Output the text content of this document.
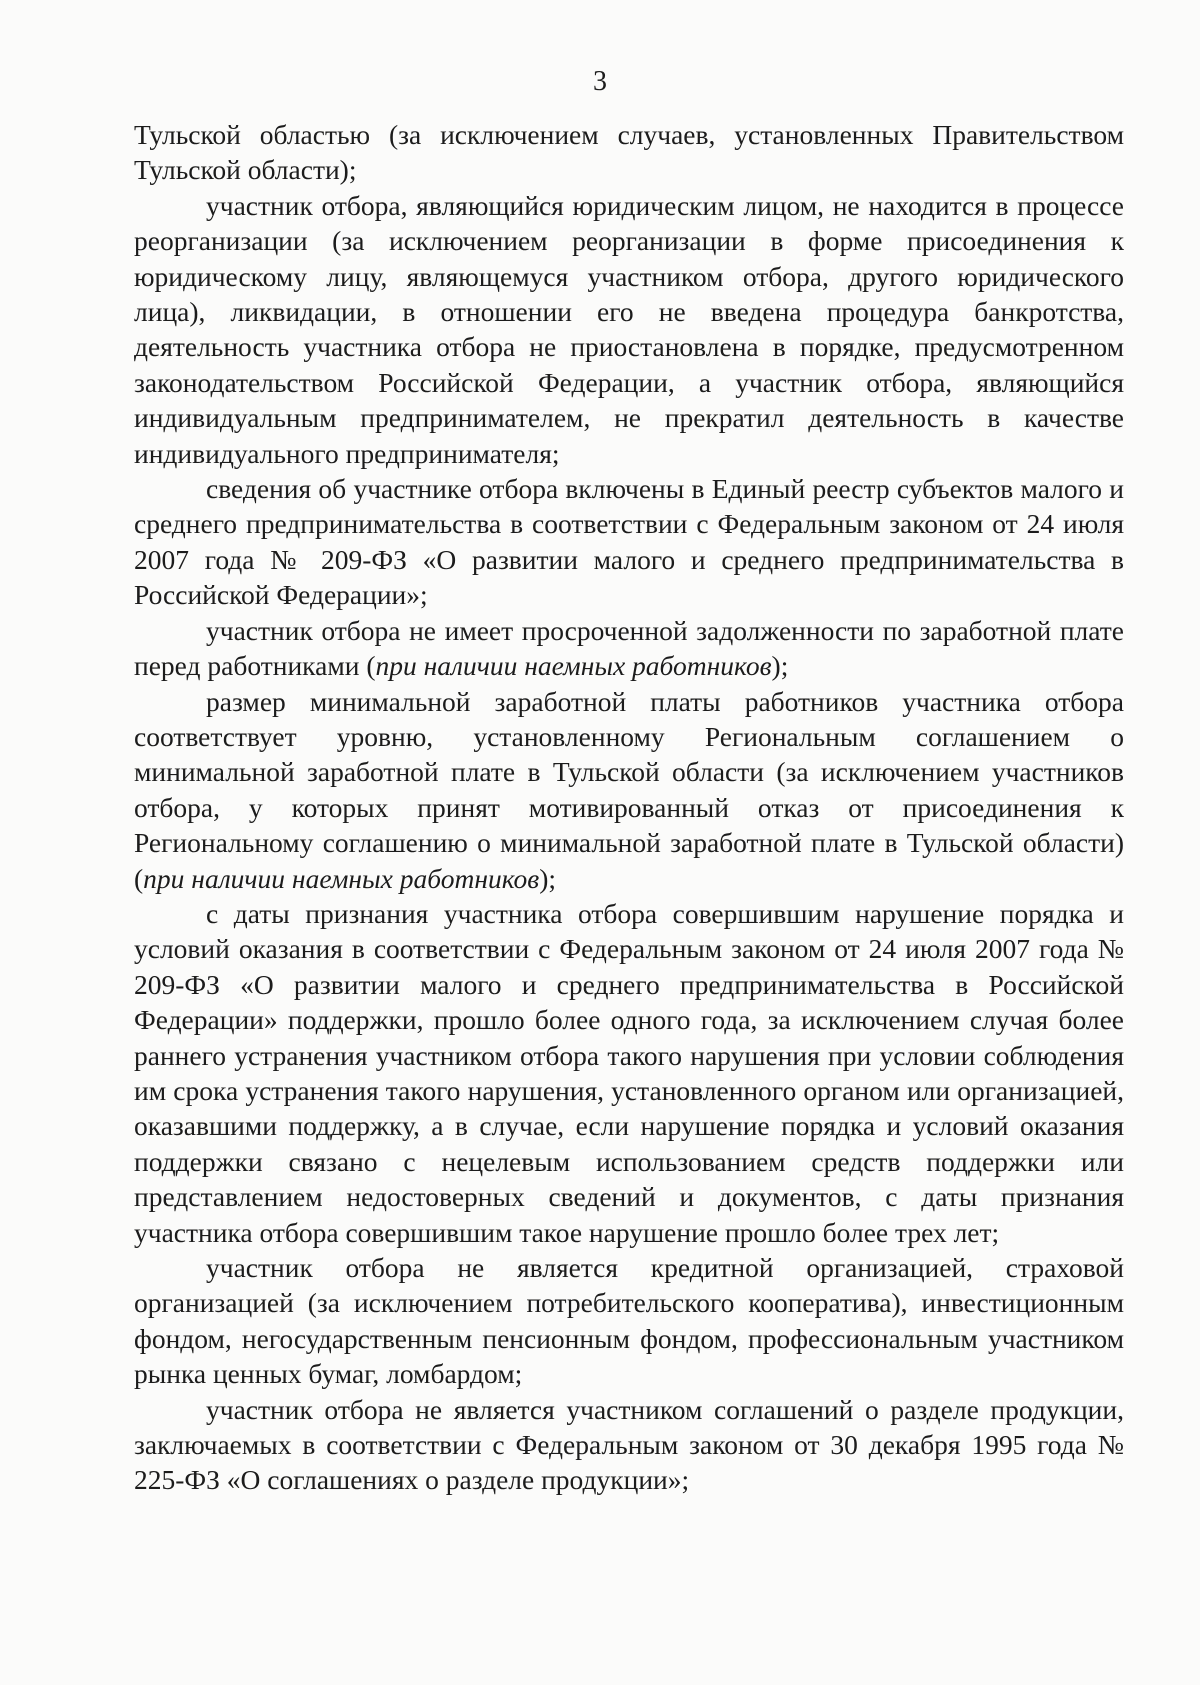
3

Тульской областью (за исключением случаев, установленных Правительством Тульской области);

участник отбора, являющийся юридическим лицом, не находится в процессе реорганизации (за исключением реорганизации в форме присоединения к юридическому лицу, являющемуся участником отбора, другого юридического лица), ликвидации, в отношении его не введена процедура банкротства, деятельность участника отбора не приостановлена в порядке, предусмотренном законодательством Российской Федерации, а участник отбора, являющийся индивидуальным предпринимателем, не прекратил деятельность в качестве индивидуального предпринимателя;

сведения об участнике отбора включены в Единый реестр субъектов малого и среднего предпринимательства в соответствии с Федеральным законом от 24 июля 2007 года № 209-ФЗ «О развитии малого и среднего предпринимательства в Российской Федерации»;

участник отбора не имеет просроченной задолженности по заработной плате перед работниками (при наличии наемных работников);

размер минимальной заработной платы работников участника отбора соответствует уровню, установленному Региональным соглашением о минимальной заработной плате в Тульской области (за исключением участников отбора, у которых принят мотивированный отказ от присоединения к Региональному соглашению о минимальной заработной плате в Тульской области) (при наличии наемных работников);

с даты признания участника отбора совершившим нарушение порядка и условий оказания в соответствии с Федеральным законом от 24 июля 2007 года № 209-ФЗ «О развитии малого и среднего предпринимательства в Российской Федерации» поддержки, прошло более одного года, за исключением случая более раннего устранения участником отбора такого нарушения при условии соблюдения им срока устранения такого нарушения, установленного органом или организацией, оказавшими поддержку, а в случае, если нарушение порядка и условий оказания поддержки связано с нецелевым использованием средств поддержки или представлением недостоверных сведений и документов, с даты признания участника отбора совершившим такое нарушение прошло более трех лет;

участник отбора не является кредитной организацией, страховой организацией (за исключением потребительского кооператива), инвестиционным фондом, негосударственным пенсионным фондом, профессиональным участником рынка ценных бумаг, ломбардом;

участник отбора не является участником соглашений о разделе продукции, заключаемых в соответствии с Федеральным законом от 30 декабря 1995 года № 225-ФЗ «О соглашениях о разделе продукции»;
